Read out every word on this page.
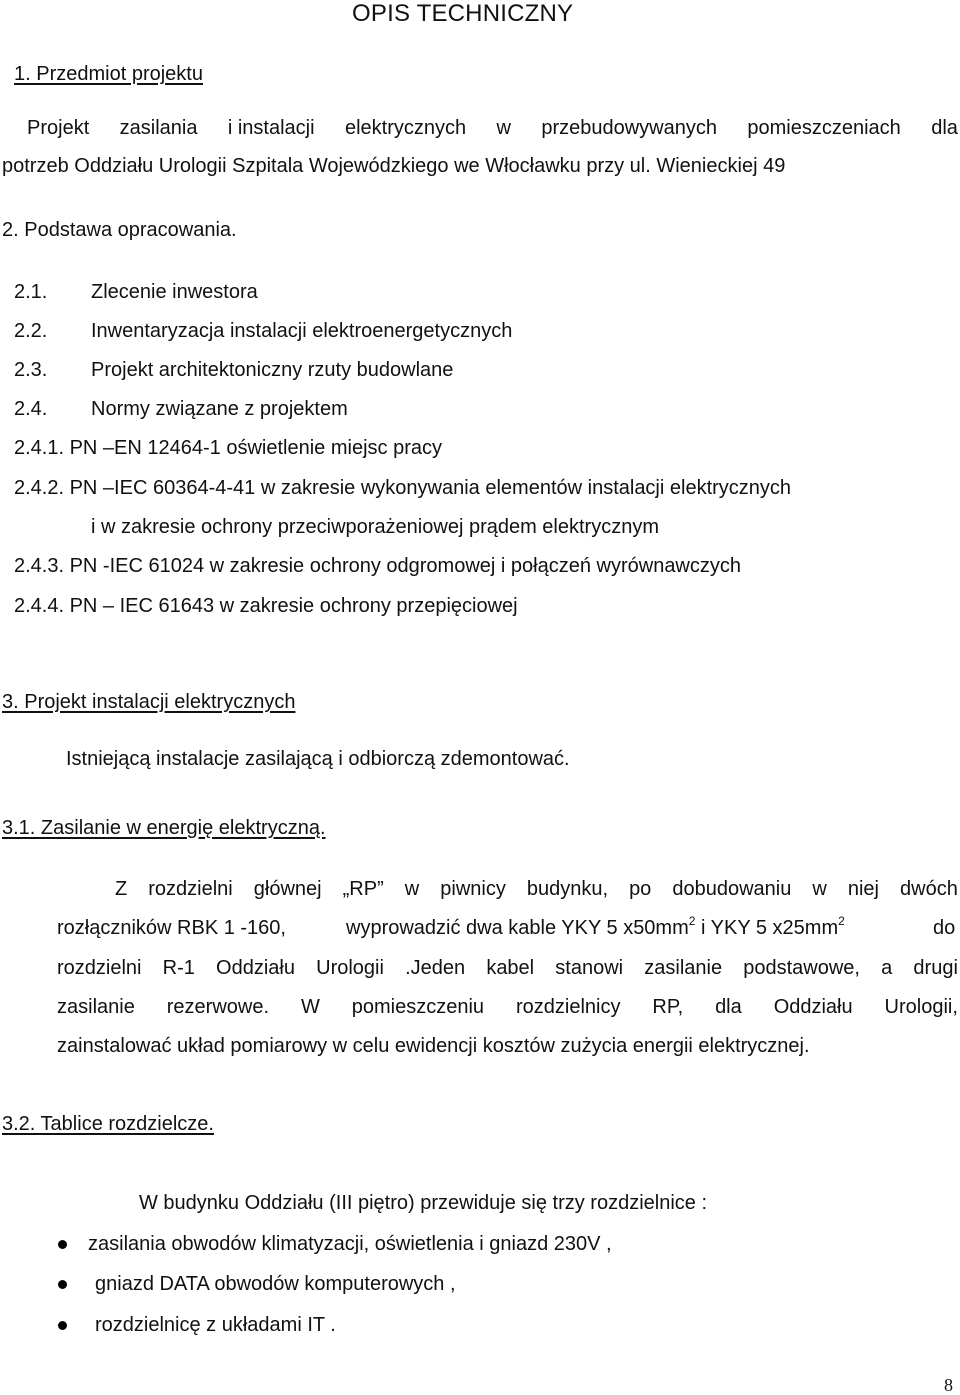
OPIS TECHNICZNY
1. Przedmiot projektu
Projekt zasilania i instalacji elektrycznych w przebudowywanych pomieszczeniach dla
potrzeb Oddziału Urologii Szpitala Wojewódzkiego we Włocławku przy ul. Wienieckiej 49
2. Podstawa opracowania.
2.1. Zlecenie inwestora
2.2. Inwentaryzacja instalacji elektroenergetycznych
2.3. Projekt architektoniczny rzuty budowlane
2.4. Normy związane z projektem
2.4.1. PN –EN 12464-1 oświetlenie miejsc pracy
2.4.2. PN –IEC 60364-4-41 w zakresie wykonywania elementów instalacji elektrycznych
i w zakresie ochrony przeciwporażeniowej prądem elektrycznym
2.4.3. PN -IEC 61024 w zakresie ochrony odgromowej i połączeń wyrównawczych
2.4.4. PN – IEC 61643 w zakresie ochrony przepięciowej
3. Projekt instalacji elektrycznych
Istniejącą instalacje zasilającą i odbiorczą zdemontować.
3.1. Zasilanie w energię elektryczną.
Z rozdzielni głównej „RP” w piwnicy budynku, po dobudowaniu w niej dwóch
rozłączników RBK 1 -160,	wyprowadzić dwa kable YKY 5 $x50mm^2$ i YKY 5 $x25mm^2$	do
rozdzielni R-1 Oddziału Urologii .Jeden kabel stanowi zasilanie podstawowe, a drugi
zasilanie rezerwowe. W pomieszczeniu rozdzielnicy RP, dla Oddziału Urologii,
zainstalować układ pomiarowy w celu ewidencji kosztów zużycia energii elektrycznej.
3.2. Tablice rozdzielcze.
W budynku Oddziału (III piętro) przewiduje się trzy rozdzielnice :
zasilania obwodów klimatyzacji, oświetlenia i gniazd 230V ,
gniazd DATA obwodów komputerowych ,
rozdzielnicę z układami IT .
8
